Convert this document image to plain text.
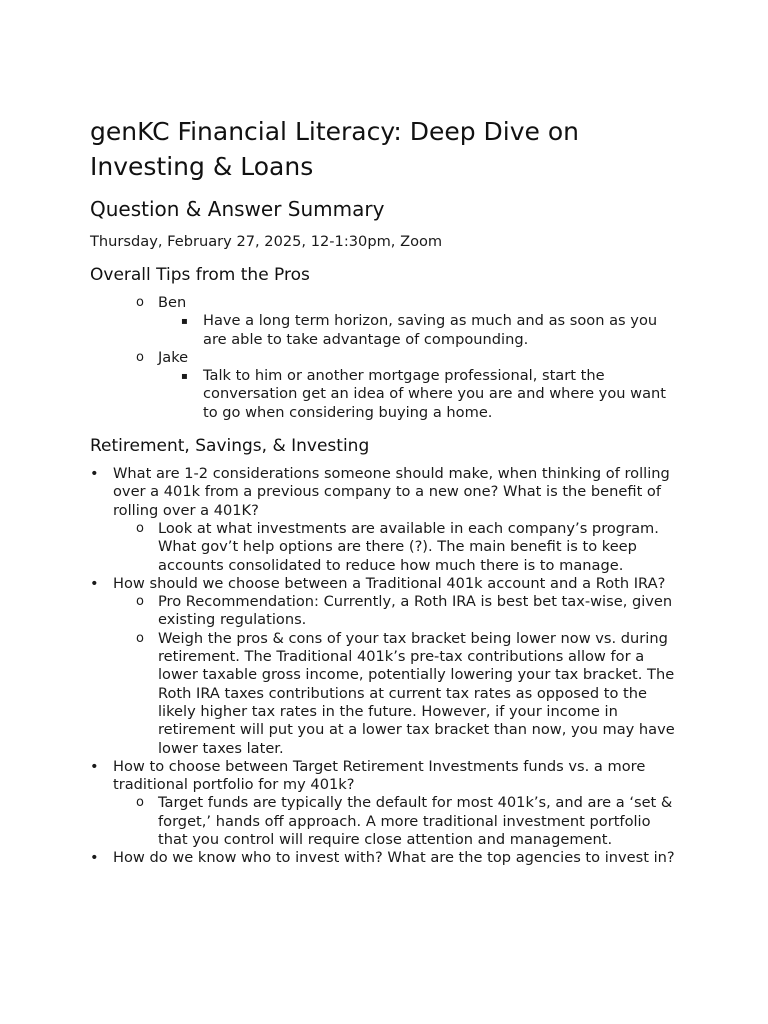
genKC Financial Literacy: Deep Dive on Investing & Loans
Question & Answer Summary

Thursday, February 27, 2025, 12-1:30pm, Zoom

Overall Tips from the Pros
o Ben
▪ Have a long term horizon, saving as much and as soon as you are able to take advantage of compounding.
o Jake
▪ Talk to him or another mortgage professional, start the conversation get an idea of where you are and where you want to go when considering buying a home.
Retirement, Savings, & Investing
• What are 1-2 considerations someone should make, when thinking of rolling over a 401k from a previous company to a new one? What is the benefit of rolling over a 401K?
o Look at what investments are available in each company’s program. What gov’t help options are there (?). The main benefit is to keep accounts consolidated to reduce how much there is to manage.
• How should we choose between a Traditional 401k account and a Roth IRA?
o Pro Recommendation: Currently, a Roth IRA is best bet tax-wise, given existing regulations.
o Weigh the pros & cons of your tax bracket being lower now vs. during retirement. The Traditional 401k’s pre-tax contributions allow for a lower taxable gross income, potentially lowering your tax bracket. The Roth IRA taxes contributions at current tax rates as opposed to the likely higher tax rates in the future. However, if your income in retirement will put you at a lower tax bracket than now, you may have lower taxes later.
• How to choose between Target Retirement Investments funds vs. a more traditional portfolio for my 401k?
o Target funds are typically the default for most 401k’s, and are a ‘set & forget,’ hands off approach. A more traditional investment portfolio that you control will require close attention and management.
• How do we know who to invest with? What are the top agencies to invest in?
